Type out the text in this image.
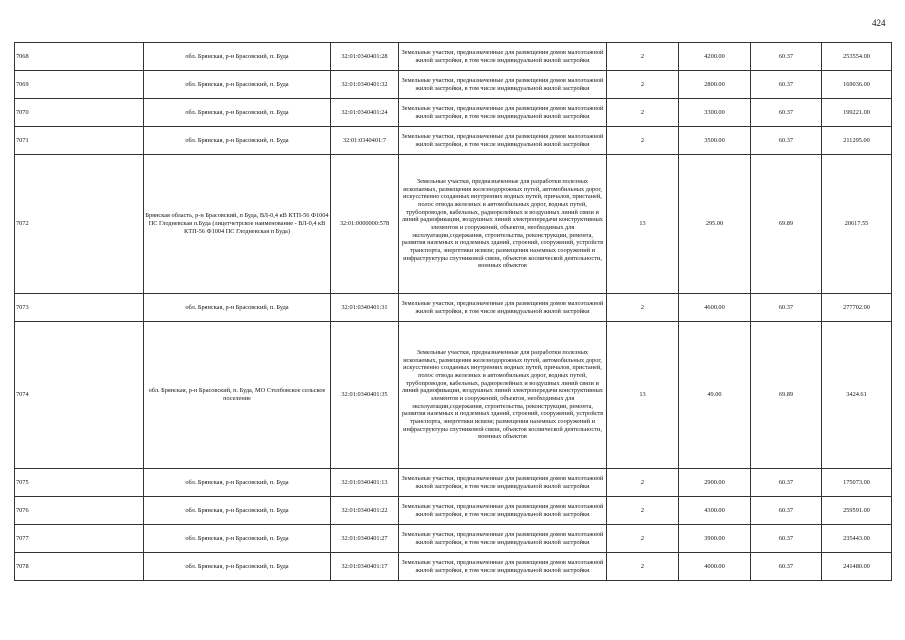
424
7068	обл. Брянская, р-н Брасовский, п. Буда	32:01:0340401:28	Земельные участки, предназначенные для размещения домов малоэтажной жилой застройки, в том числе индивидуальной жилой застройки	2	4200.00	60.37	253554.00
7069	обл. Брянская, р-н Брасовский, п. Буда	32:01:0340401:32	Земельные участки, предназначенные для размещения домов малоэтажной жилой застройки, в том числе индивидуальной жилой застройки	2	2800.00	60.37	169036.00
7070	обл. Брянская, р-н Брасовский, п. Буда	32:01:0340401:24	Земельные участки, предназначенные для размещения домов малоэтажной жилой застройки, в том числе индивидуальной жилой застройки	2	3300.00	60.37	199221.00
7071	обл. Брянская, р-н Брасовский, п. Буда	32:01:0340401:7	Земельные участки, предназначенные для размещения домов малоэтажной жилой застройки, в том числе индивидуальной жилой застройки	2	3500.00	60.37	211295.00
7072	Брянская область, р-н Брасовский, п Буда, ВЛ-0,4 кВ КТП-56 Ф1004 ПС Глодневская п.Буда (лицетчетрское наименование - ВЛ-0,4 кВ КТП-56 Ф1004 ПС Глодневская п Буда)	32:01:0000000:578	Земельные участки, предназначенные для разработки полезных ископаемых, размещения железнодорожных путей, автомобильных дорог, искусственно созданных внутренних водных путей, причалов, пристаней, полос отвода железных и автомобильных дорог, водных путей, трубопроводов, кабельных, радиорелейных и воздушных линий связи и линий радиофикации, воздушных линий электропередачи конструктивных элементов и сооружений, объектов, необходимых для эксплуатации,содержания, строительства, реконструкции, ремонта, развития наземных и подземных зданий, строений, сооружений, устройств транспорта, энергетики исвязи; размещения наземных сооружений и инфраструктуры спутниковой связи, объектов космической деятельности, военных объектов	13	295.00	69.89	20617.55
7073	обл. Брянская, р-н Брасовский, п. Буда	32:01:0340401:31	Земельные участки, предназначенные для размещения домов малоэтажной жилой застройки, в том числе индивидуальной жилой застройки	2	4600.00	60.37	277702.00
7074	обл. Брянская, р-н Брасовский, п. Буда, МО Столбовское сельское поселение	32:01:0340401:35	Земельные участки, предназначенные для разработки полезных ископаемых, размещения железнодорожных путей, автомобильных дорог, искусственно созданных внутренних водных путей, причалов, пристаней, полос отвода железных и автомобильных дорог, водных путей, трубопроводов, кабельных, радиорелейных и воздушных линий связи и линий радиофикации, воздушных линий электропередачи конструктивных элементов и сооружений, объектов, необходимых для эксплуатации,содержания, строительства, реконструкции, ремонта, развития наземных и подземных зданий, строений, сооружений, устройств транспорта, энергетики исвязи; размещения наземных сооружений и инфраструктуры спутниковой связи, объектов космической деятельности, военных объектов	13	49.00	69.89	3424.61
7075	обл. Брянская, р-н Брасовский, п. Буда	32:01:0340401:13	Земельные участки, предназначенные для размещения домов малоэтажной жилой застройки, в том числе индивидуальной жилой застройки	2	2900.00	60.37	175073.00
7076	обл. Брянская, р-н Брасовский, п. Буда	32:01:0340401:22	Земельные участки, предназначенные для размещения домов малоэтажной жилой застройки, в том числе индивидуальной жилой застройки	2	4300.00	60.37	259591.00
7077	обл. Брянская, р-н Брасовский, п. Буда	32:01:0340401:27	Земельные участки, предназначенные для размещения домов малоэтажной жилой застройки, в том числе индивидуальной жилой застройки	2	3900.00	60.37	235443.00
7078	обл. Брянская, р-н Брасовский, п. Буда	32:01:0340401:17	Земельные участки, предназначенные для размещения домов малоэтажной жилой застройки, в том числе индивидуальной жилой застройки	2	4000.00	60.37	241480.00
